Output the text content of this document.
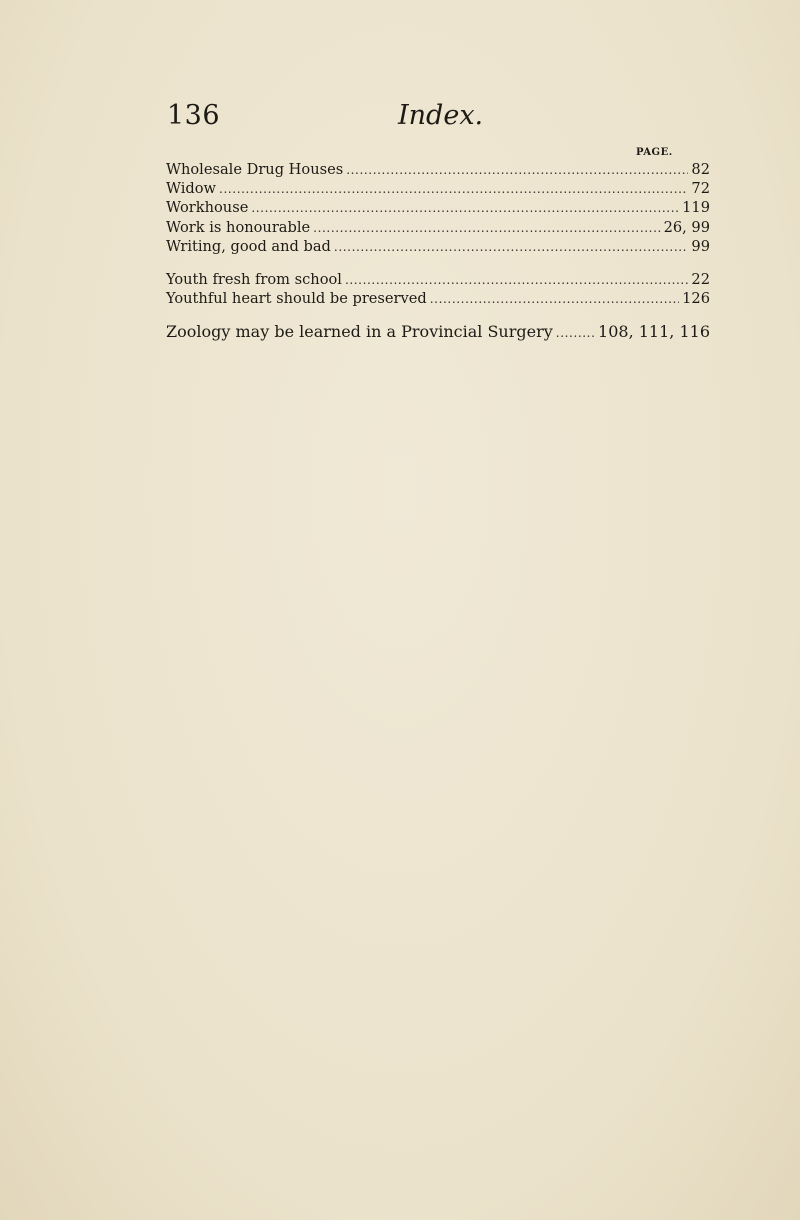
136	Index.
PAGE.
Wholesale Drug Houses .....	82
Widow .....	72
Workhouse .....	119
Work is honourable .....	26, 99
Writing, good and bad .....	99
Youth fresh from school .....	22
Youthful heart should be preserved .....	126
Zoology may be learned in a Provincial Surgery .....	108, 111, 116
